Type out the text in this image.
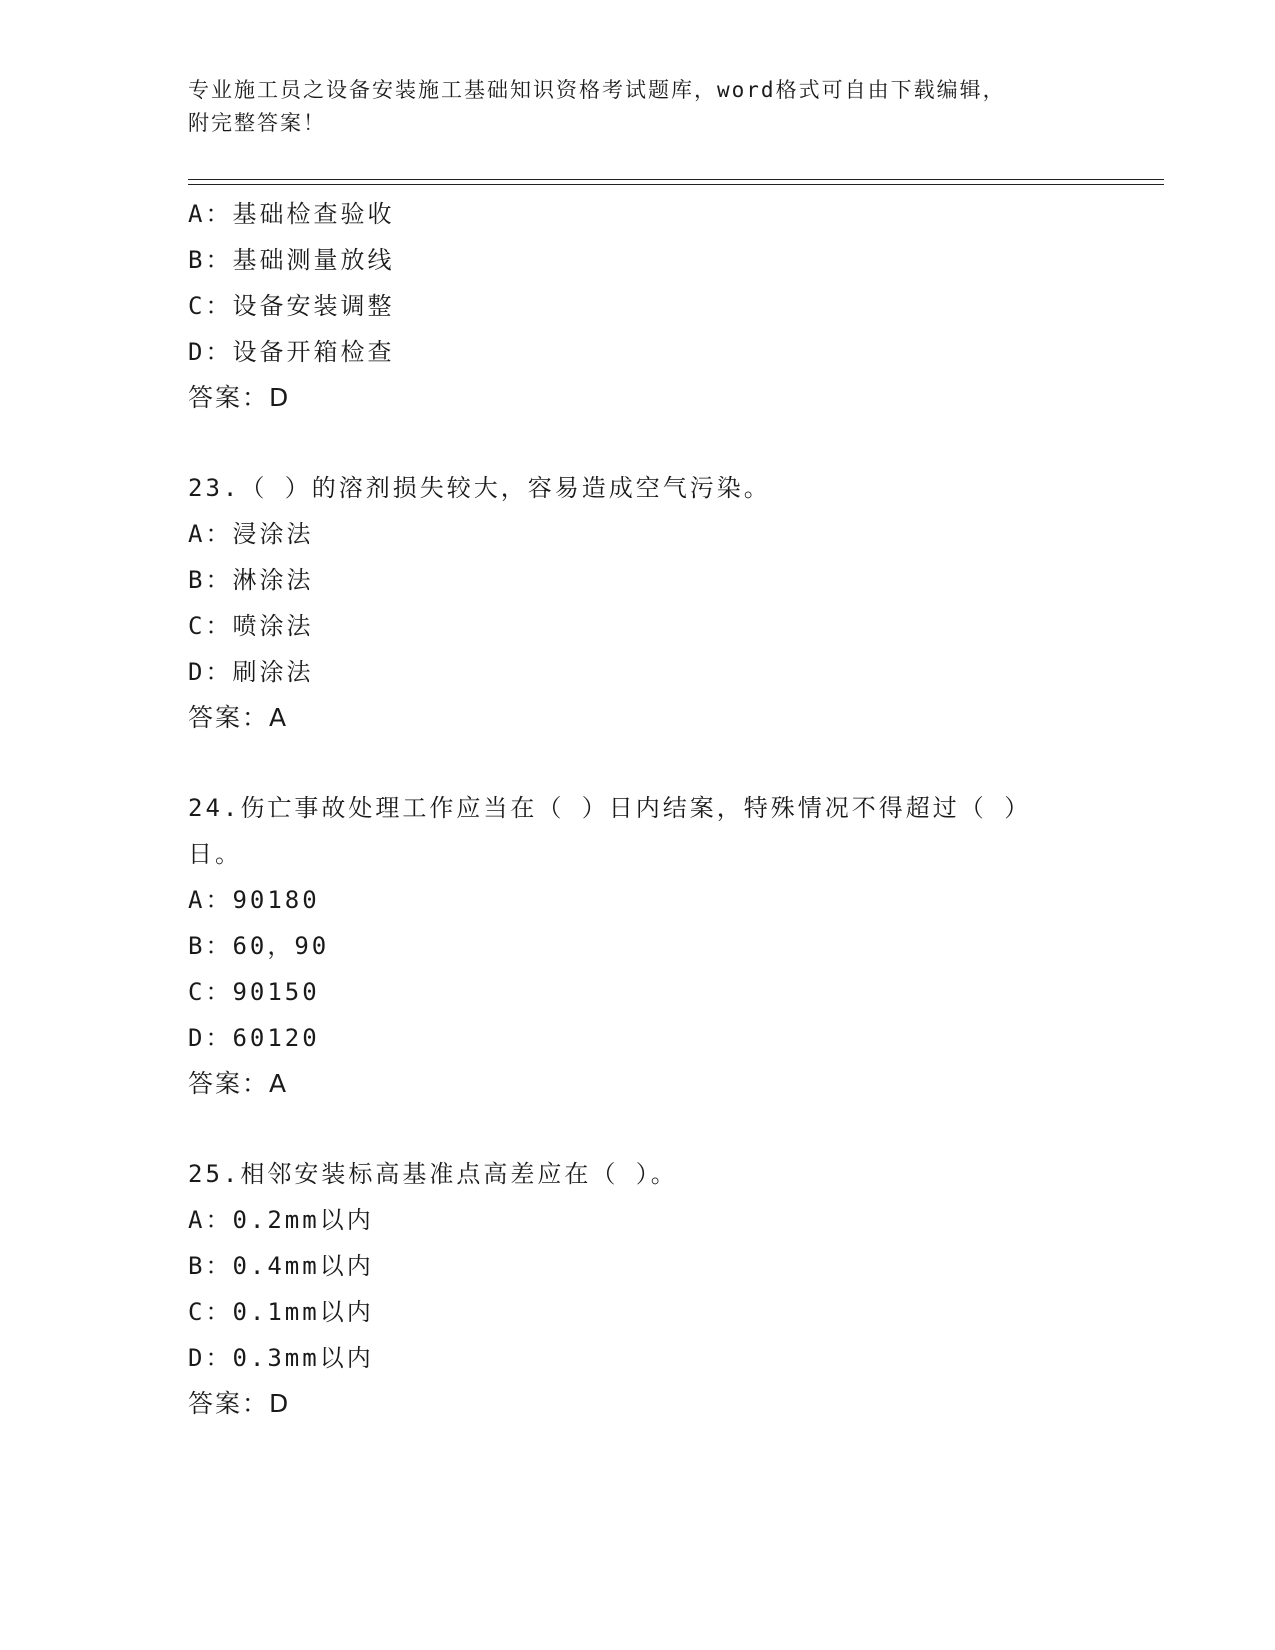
专业施工员之设备安装施工基础知识资格考试题库，word格式可自由下载编辑，
附完整答案！
A：基础检查验收
B：基础测量放线
C：设备安装调整
D：设备开箱检查
答案：D
23.（ ）的溶剂损失较大，容易造成空气污染。
A：浸涂法
B：淋涂法
C：喷涂法
D：刷涂法
答案：A
24.伤亡事故处理工作应当在（ ）日内结案，特殊情况不得超过（ ）日。
A：90180
B：60，90
C：90150
D：60120
答案：A
25.相邻安装标高基准点高差应在（ ）。
A：0.2mm以内
B：0.4mm以内
C：0.1mm以内
D：0.3mm以内
答案：D
